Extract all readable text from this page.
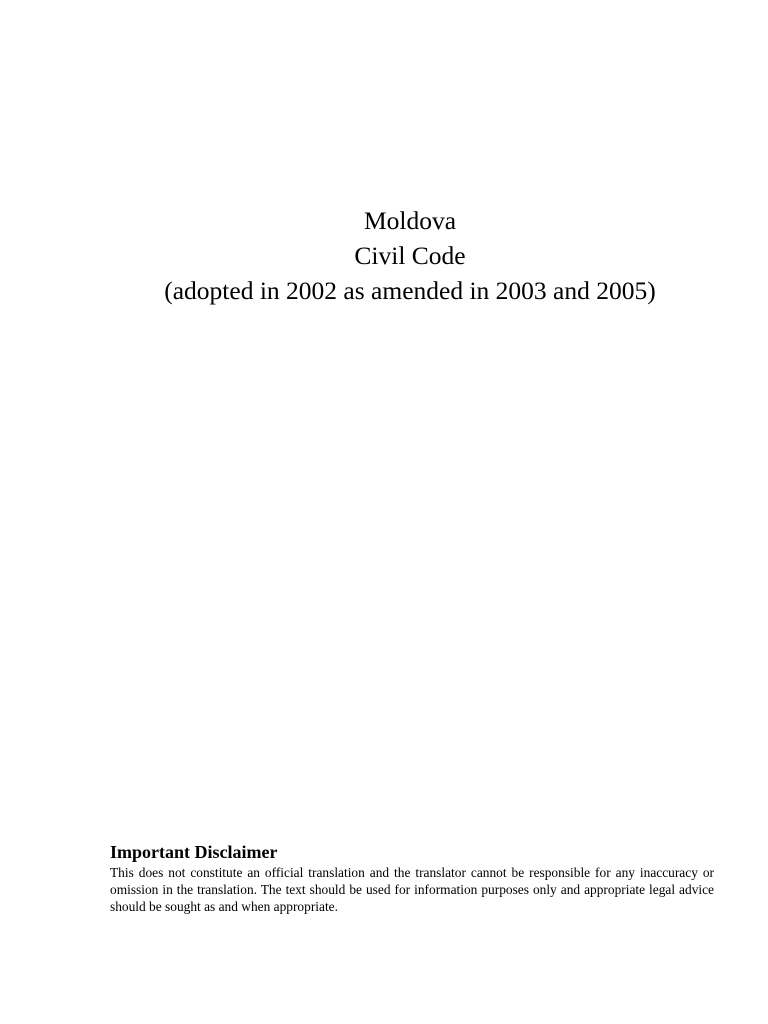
Moldova
Civil Code
(adopted in 2002 as amended in 2003 and 2005)
Important Disclaimer

This does not constitute an official translation and the translator cannot be responsible for any inaccuracy or omission in the translation. The text should be used for information purposes only and appropriate legal advice should be sought as and when appropriate.
